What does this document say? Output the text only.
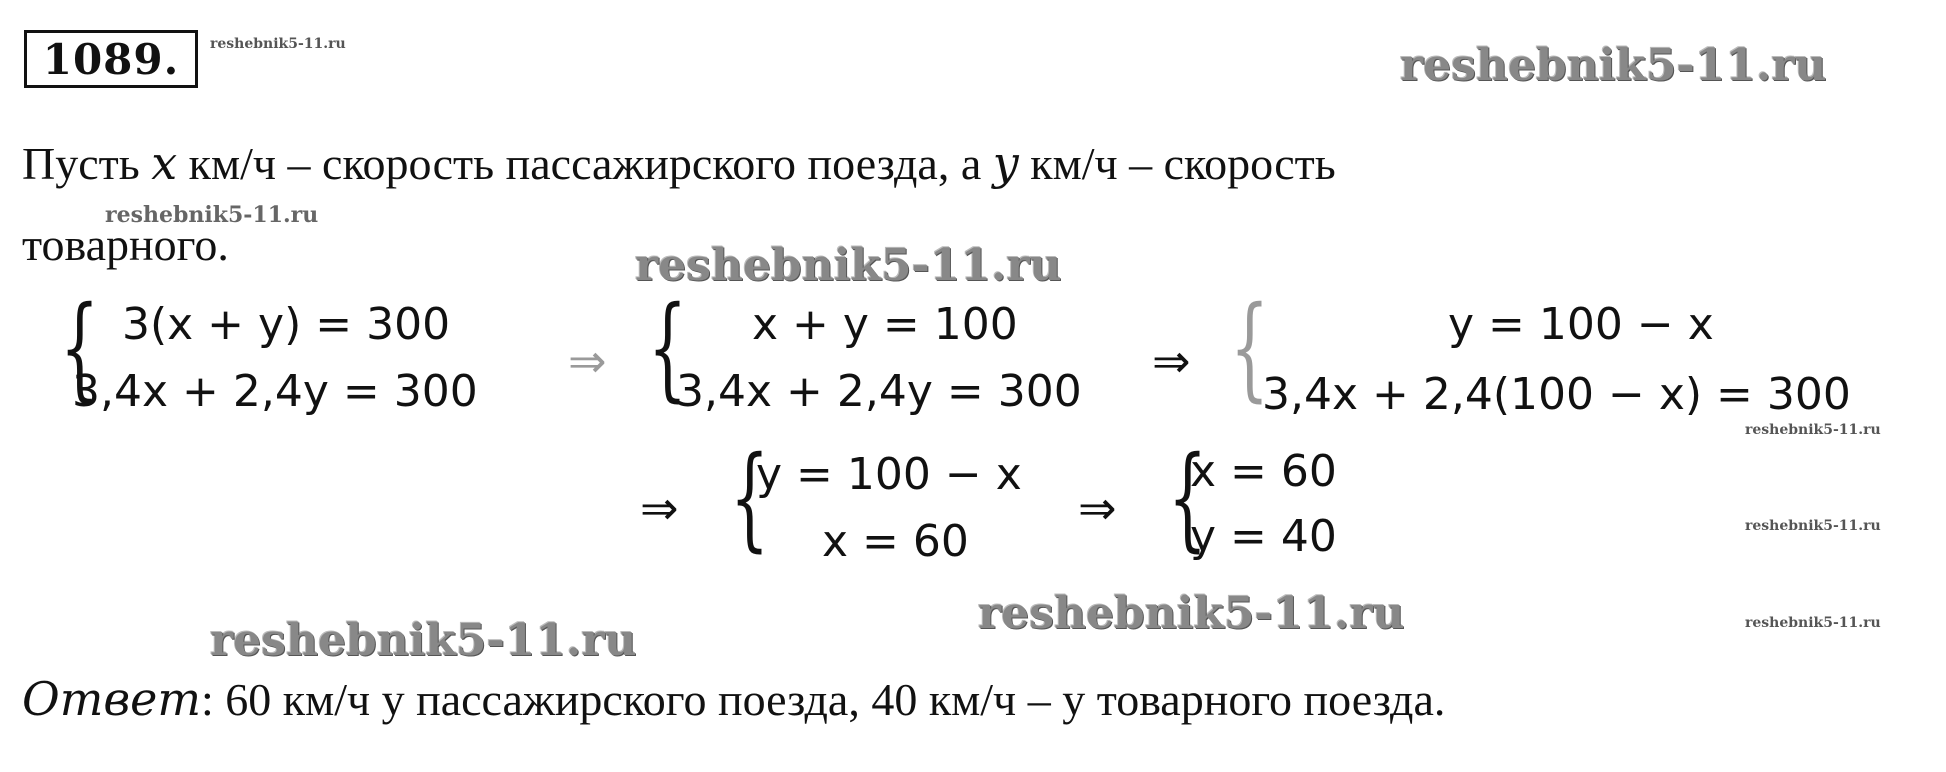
1089.	reshebnik5-11.ru	reshebnik5-11.ru
Пусть x км/ч – скорость пассажирского поезда, а y км/ч – скорость
reshebnik5-11.ru
товарного.	reshebnik5-11.ru
{ 3(x + y) = 300
3,4x + 2,4y = 300
⇒ { x + y = 100
3,4x + 2,4y = 300
⇒ {	y = 100 − x
3,4x + 2,4(100 − x) = 300
reshebnik5-11.ru
⇒ {
y = 100 − x
x = 60
⇒ {
x = 60
y = 40	reshebnik5-11.ru
reshebnik5-11.ru
reshebnik5-11.ru	reshebnik5-11.ru
Ответ: 60 км/ч у пассажирского поезда, 40 км/ч – у товарного поезда.
